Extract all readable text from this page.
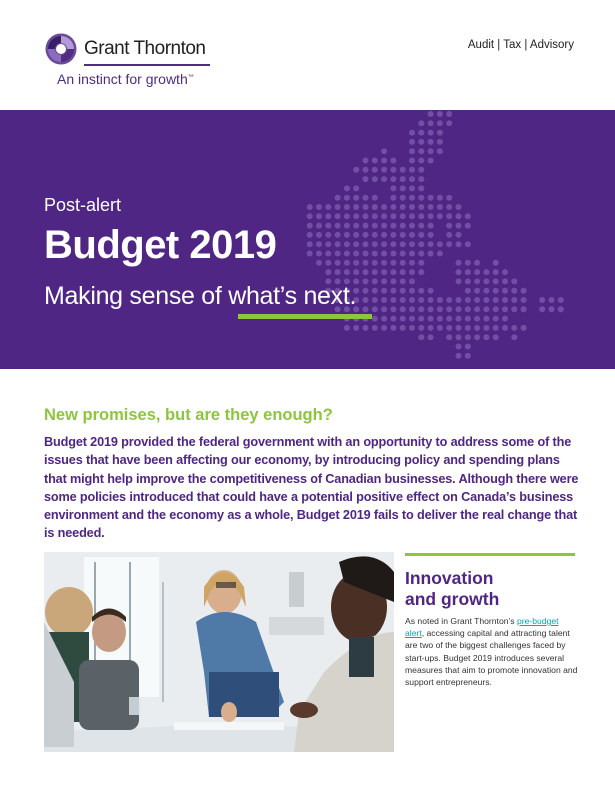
Grant Thornton
An instinct for growth™
Audit | Tax | Advisory
Post-alert
Budget 2019
Making sense of what’s next.
New promises, but are they enough?

Budget 2019 provided the federal government with an opportunity to address some of the issues that have been affecting our economy, by introducing policy and spending plans that might help improve the competitiveness of Canadian businesses. Although there were some policies introduced that could have a potential positive effect on Canada’s business environment and the economy as a whole, Budget 2019 fails to deliver the real change that is needed.

Innovation
and growth

As noted in Grant Thornton’s pre-budget alert, accessing capital and attracting talent are two of the biggest challenges faced by start-ups. Budget 2019 introduces several measures that aim to promote innovation and support entrepreneurs.
